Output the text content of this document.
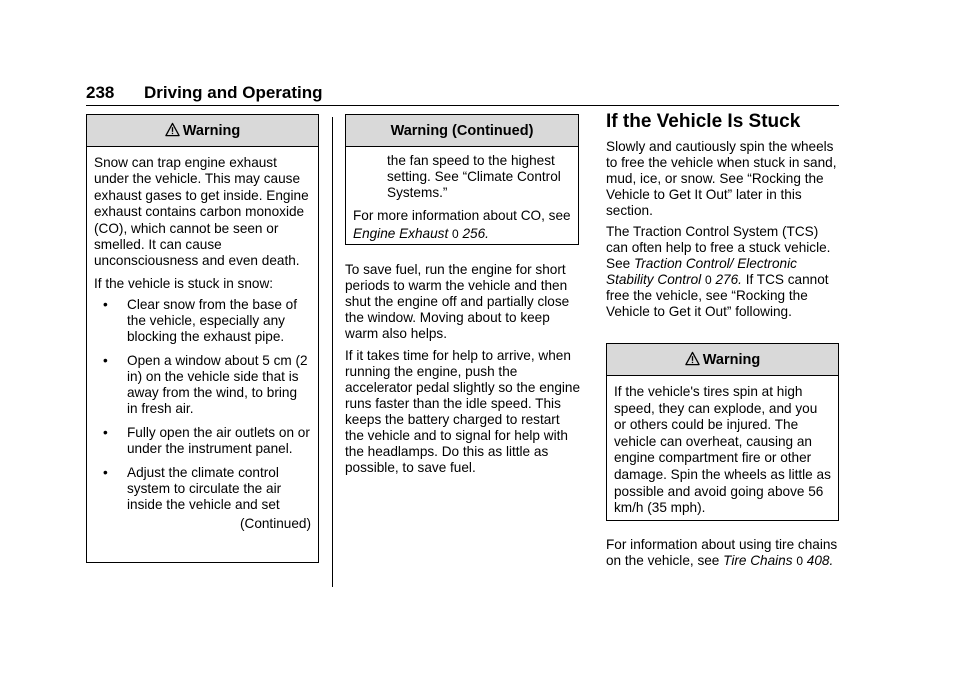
238 Driving and Operating
Warning
Snow can trap engine exhaust under the vehicle. This may cause exhaust gases to get inside. Engine exhaust contains carbon monoxide (CO), which cannot be seen or smelled. It can cause unconsciousness and even death.
If the vehicle is stuck in snow:
• Clear snow from the base of the vehicle, especially any blocking the exhaust pipe.
• Open a window about 5 cm (2 in) on the vehicle side that is away from the wind, to bring in fresh air.
• Fully open the air outlets on or under the instrument panel.
• Adjust the climate control system to circulate the air inside the vehicle and set
(Continued)
Warning (Continued)
the fan speed to the highest setting. See “Climate Control Systems.”
For more information about CO, see Engine Exhaust 0 256.
To save fuel, run the engine for short periods to warm the vehicle and then shut the engine off and partially close the window. Moving about to keep warm also helps.
If it takes time for help to arrive, when running the engine, push the accelerator pedal slightly so the engine runs faster than the idle speed. This keeps the battery charged to restart the vehicle and to signal for help with the headlamps. Do this as little as possible, to save fuel.
If the Vehicle Is Stuck
Slowly and cautiously spin the wheels to free the vehicle when stuck in sand, mud, ice, or snow. See “Rocking the Vehicle to Get It Out” later in this section.
The Traction Control System (TCS) can often help to free a stuck vehicle. See Traction Control/ Electronic Stability Control 0 276. If TCS cannot free the vehicle, see “Rocking the Vehicle to Get it Out” following.
Warning
If the vehicle's tires spin at high speed, they can explode, and you or others could be injured. The vehicle can overheat, causing an engine compartment fire or other damage. Spin the wheels as little as possible and avoid going above 56 km/h (35 mph).
For information about using tire chains on the vehicle, see Tire Chains 0 408.
